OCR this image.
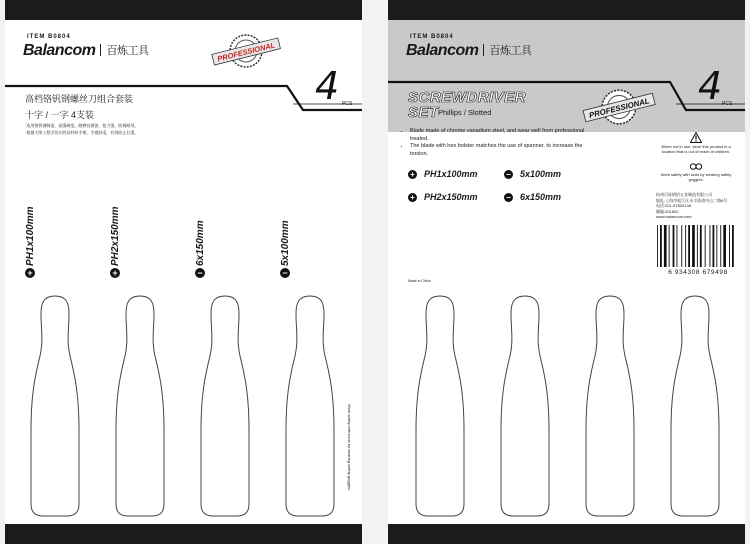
ITEM B0804
Balancom 百炼工具	PROFESSIONAL
4 PCS
高档铬钒钢螺丝刀组合套装
十字 / 一字 4支装
·选用铬钒钢制造，高强硬度，耐磨抗锈蚀，扭力强，防锈耐用。
·根据大师工程学设计的双材料手柄，手感舒适，有效防止打滑。
PH1x100mm
+
PH2x150mm
+
6x150mm
−
5x100mm
−
Work safely with tools by wearing safety goggles.
ITEM B0804
Balancom 百炼工具
PROFESSIONAL
4 PCS
SCREWDRIVER
SET Phillips / Slotted
• Blade made of chrome vanadium steel, and wear well from professional treated.
• The blade with hex bolster matches the use of spanner, to increase the torsion.
+ PH1x100mm	− 5x100mm
+ PH2x150mm	− 6x150mm
When not in use, store this product in a location that is out of reach of children.
Work safely with tools by wearing safety goggles.
杭州百炼钢铝五金制造有限公司
地址:上海市松江区永丰街道中山二路6号
电话:021-57820138
邮编:201600
www.balancom.com
6 934308 679498
Made in China
